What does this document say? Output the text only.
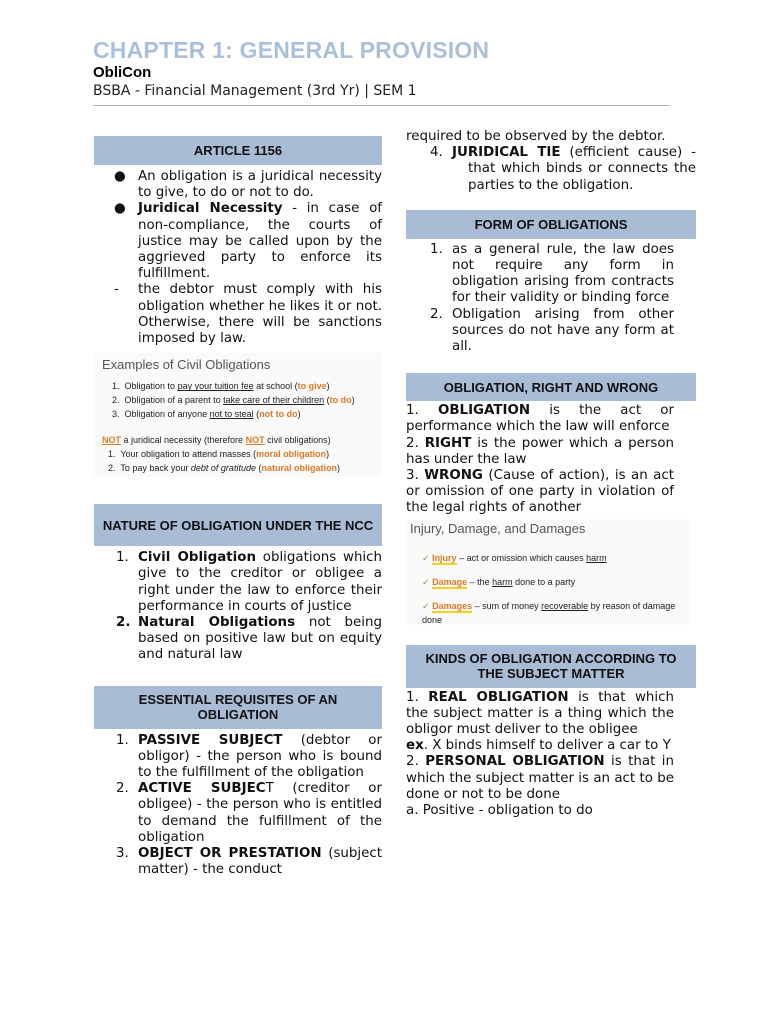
CHAPTER 1: GENERAL PROVISION
ObliCon
BSBA - Financial Management (3rd Yr) | SEM 1
ARTICLE 1156
● An obligation is a juridical necessity to give, to do or not to do.
● Juridical Necessity - in case of non-compliance, the courts of justice may be called upon by the aggrieved party to enforce its fulfillment.
-	the debtor must comply with his obligation whether he likes it or not. Otherwise, there will be sanctions imposed by law.
Examples of Civil Obligations
1.  Obligation to pay your tuition fee at school (to give)
2.  Obligation of a parent to take care of their children (to do)
3.  Obligation of anyone not to steal (not to do)
NOT a juridical necessity (therefore NOT civil obligations)
1.  Your obligation to attend masses (moral obligation)
2.  To pay back your debt of gratitude (natural obligation)
NATURE OF OBLIGATION UNDER THE NCC
1. Civil Obligation obligations which give to the creditor or obligee a right under the law to enforce their performance in courts of justice
2. Natural Obligations not being based on positive law but on equity and natural law
ESSENTIAL REQUISITES OF AN OBLIGATION
1. PASSIVE SUBJECT (debtor or obligor) - the person who is bound to the fulfillment of the obligation
2. ACTIVE SUBJECT (creditor or obligee) - the person who is entitled to demand the fulfillment of the obligation
3. OBJECT OR PRESTATION (subject matter) - the conduct
required to be observed by the debtor.
4. JURIDICAL TIE (efficient cause) - that which binds or connects the parties to the obligation.
FORM OF OBLIGATIONS
1. as a general rule, the law does not require any form in obligation arising from contracts for their validity or binding force
2. Obligation arising from other sources do not have any form at all.
OBLIGATION, RIGHT AND WRONG
1. OBLIGATION is the act or performance which the law will enforce
2. RIGHT is the power which a person has under the law
3. WRONG (Cause of action), is an act or omission of one party in violation of the legal rights of another
Injury, Damage, and Damages
✓ Injury – act or omission which causes harm
✓ Damage – the harm done to a party
✓ Damages – sum of money recoverable by reason of damage done
KINDS OF OBLIGATION ACCORDING TO THE SUBJECT MATTER
1. REAL OBLIGATION is that which the subject matter is a thing which the obligor must deliver to the obligee
ex. X binds himself to deliver a car to Y
2. PERSONAL OBLIGATION is that in which the subject matter is an act to be done or not to be done
a. Positive - obligation to do
